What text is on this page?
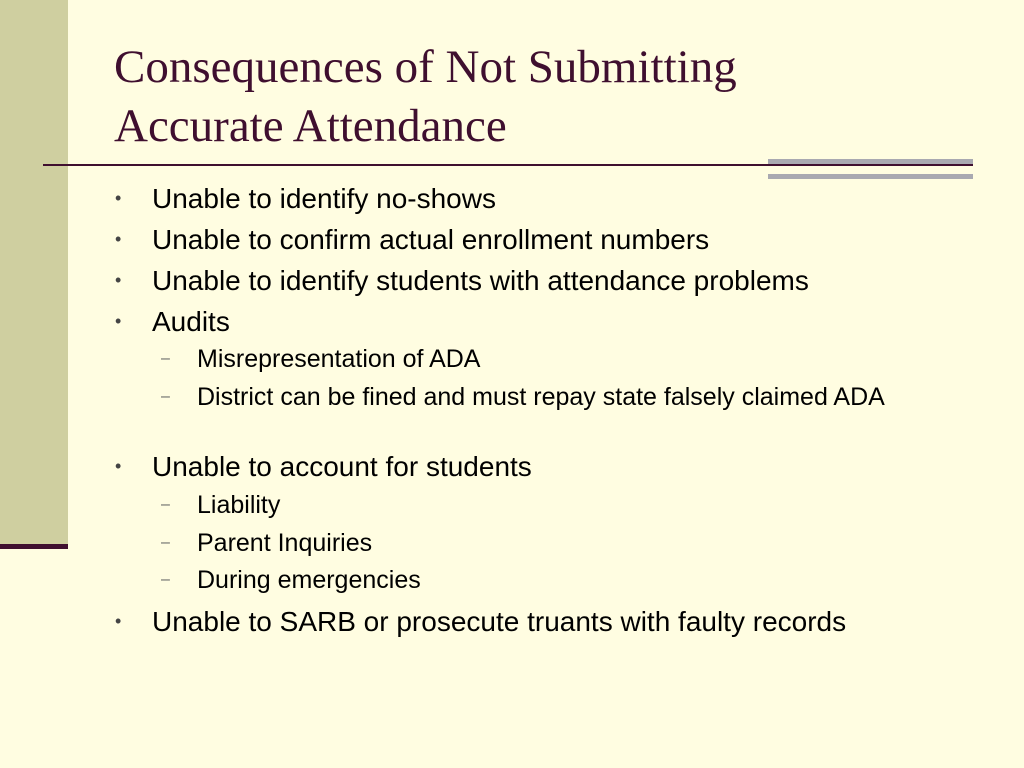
Consequences of Not Submitting
Accurate Attendance
• Unable to identify no-shows
• Unable to confirm actual enrollment numbers
• Unable to identify students with attendance problems
• Audits
– Misrepresentation of ADA
– District can be fined and must repay state falsely claimed ADA
• Unable to account for students
– Liability
– Parent Inquiries
– During emergencies
• Unable to SARB or prosecute truants with faulty records
